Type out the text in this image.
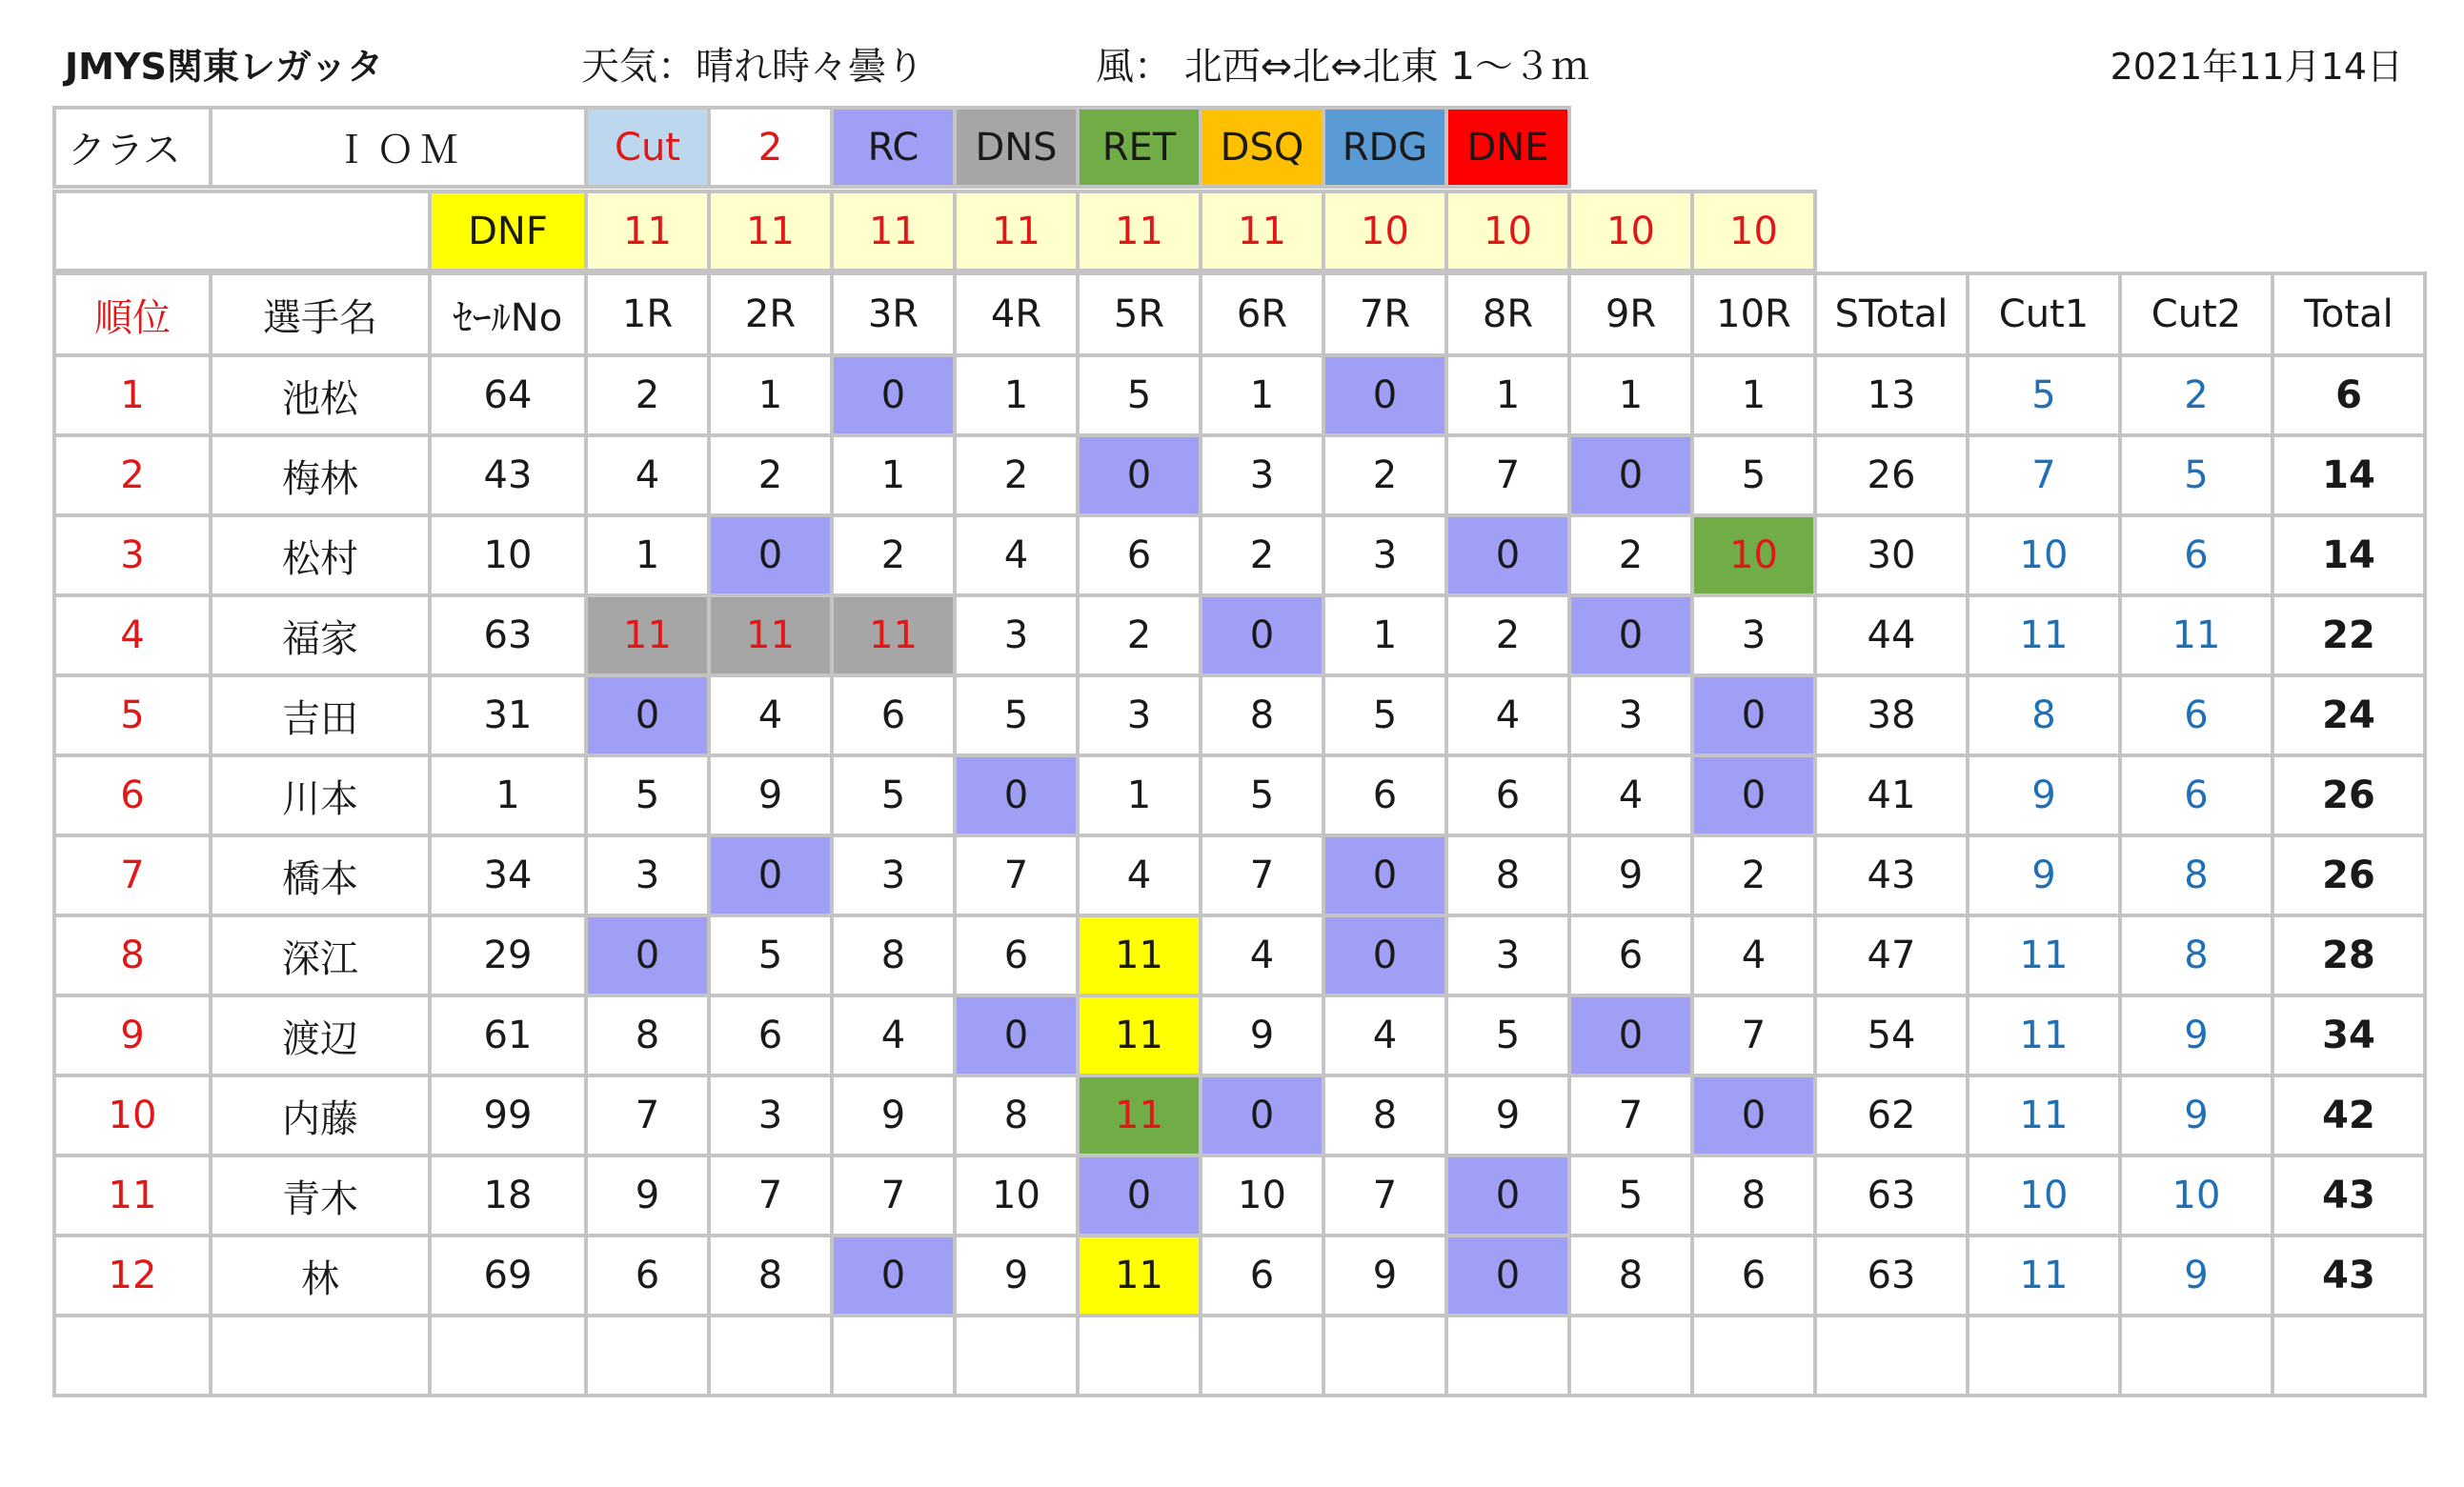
JMYS関東レガッタ	天気：晴れ時々曇り	風： 北西⇔北⇔北東 1～３ｍ	2021年11月14日
クラス	ＩＯＭ	Cut	2	RC	DNS	RET	DSQ	RDG	DNE
	DNF	11	11	11	11	11	11	10	10	10	10
順位	選手名	ｾｰﾙNo	1R	2R	3R	4R	5R	6R	7R	8R	9R	10R	STotal	Cut1	Cut2	Total
1	池松	64	2	1	0	1	5	1	0	1	1	1	13	5	2	6
2	梅林	43	4	2	1	2	0	3	2	7	0	5	26	7	5	14
3	松村	10	1	0	2	4	6	2	3	0	2	10	30	10	6	14
4	福家	63	11	11	11	3	2	0	1	2	0	3	44	11	11	22
5	吉田	31	0	4	6	5	3	8	5	4	3	0	38	8	6	24
6	川本	1	5	9	5	0	1	5	6	6	4	0	41	9	6	26
7	橋本	34	3	0	3	7	4	7	0	8	9	2	43	9	8	26
8	深江	29	0	5	8	6	11	4	0	3	6	4	47	11	8	28
9	渡辺	61	8	6	4	0	11	9	4	5	0	7	54	11	9	34
10	内藤	99	7	3	9	8	11	0	8	9	7	0	62	11	9	42
11	青木	18	9	7	7	10	0	10	7	0	5	8	63	10	10	43
12	林	69	6	8	0	9	11	6	9	0	8	6	63	11	9	43
